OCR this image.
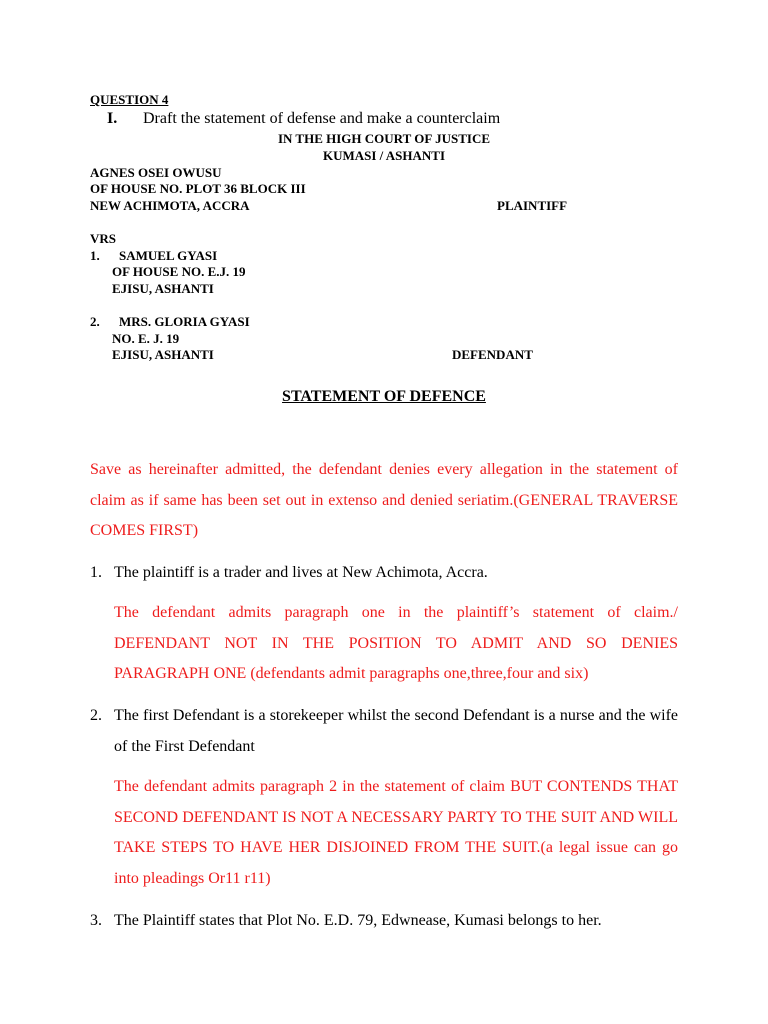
QUESTION 4
I. Draft the statement of defense and make a counterclaim
IN THE HIGH COURT OF JUSTICE
KUMASI / ASHANTI
AGNES OSEI OWUSU
OF HOUSE NO. PLOT 36 BLOCK III
NEW ACHIMOTA, ACCRA	PLAINTIFF
VRS
1. SAMUEL GYASI
OF HOUSE NO. E.J. 19
EJISU, ASHANTI
2. MRS. GLORIA GYASI
NO. E. J. 19
EJISU, ASHANTI	DEFENDANT
STATEMENT OF DEFENCE
Save as hereinafter admitted, the defendant denies every allegation in the statement of claim as if same has been set out in extenso and denied seriatim.(GENERAL TRAVERSE COMES FIRST)
1. The plaintiff is a trader and lives at New Achimota, Accra.
The defendant admits paragraph one in the plaintiff’s statement of claim./ DEFENDANT NOT IN THE POSITION TO ADMIT AND SO DENIES PARAGRAPH ONE (defendants admit paragraphs one,three,four and six)
2. The first Defendant is a storekeeper whilst the second Defendant is a nurse and the wife of the First Defendant
The defendant admits paragraph 2 in the statement of claim BUT CONTENDS THAT SECOND DEFENDANT IS NOT A NECESSARY PARTY TO THE SUIT AND WILL TAKE STEPS TO HAVE HER DISJOINED FROM THE SUIT.(a legal issue can go into pleadings Or11 r11)
3. The Plaintiff states that Plot No. E.D. 79, Edwnease, Kumasi belongs to her.
